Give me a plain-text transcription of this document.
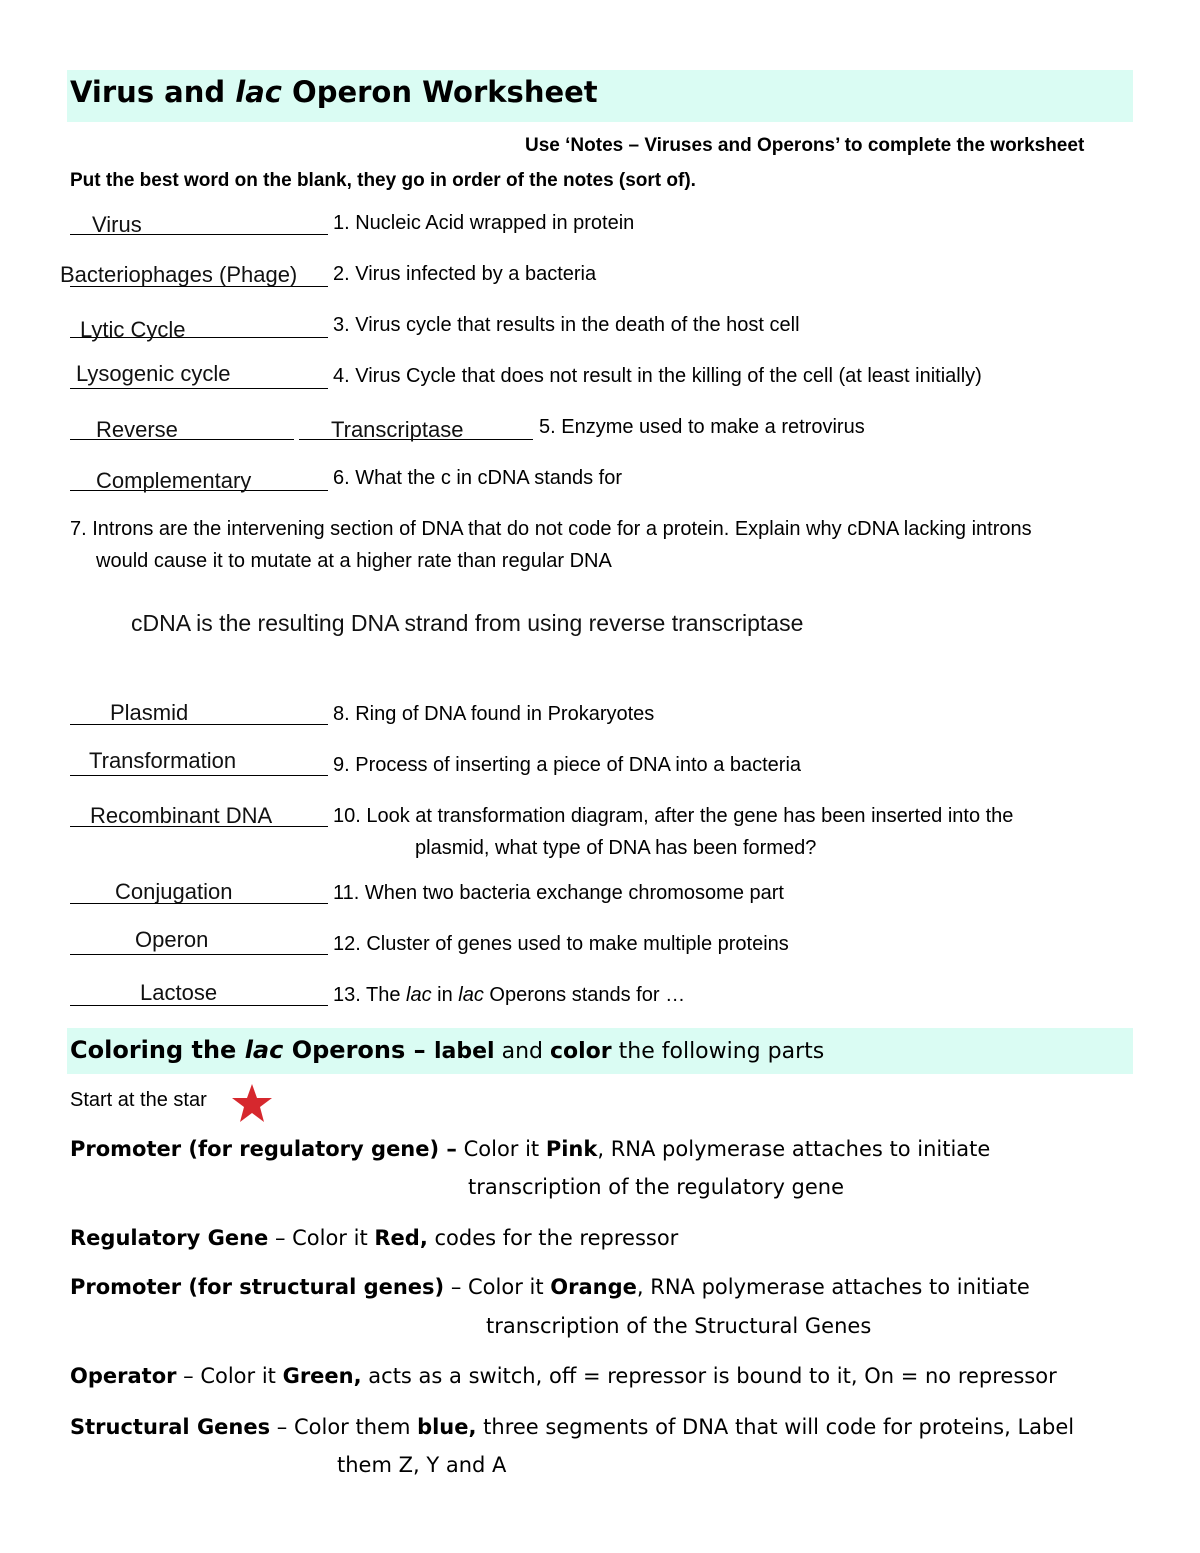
Virus and lac Operon Worksheet
Use ‘Notes – Viruses and Operons’ to complete the worksheet
Put the best word on the blank, they go in order of the notes (sort of).
Virus	1. Nucleic Acid wrapped in protein
Bacteriophages (Phage) 2. Virus infected by a bacteria
Lytic Cycle	3. Virus cycle that results in the death of the host cell
Lysogenic cycle	4. Virus Cycle that does not result in the killing of the cell (at least initially)
Reverse	Transcriptase	5. Enzyme used to make a retrovirus
Complementary	6. What the c in cDNA stands for
7. Introns are the intervening section of DNA that do not code for a protein. Explain why cDNA lacking introns
would cause it to mutate at a higher rate than regular DNA
cDNA is the resulting DNA strand from using reverse transcriptase
Plasmid	8. Ring of DNA found in Prokaryotes
Transformation	9. Process of inserting a piece of DNA into a bacteria
Recombinant DNA	10. Look at transformation diagram, after the gene has been inserted into the
plasmid, what type of DNA has been formed?
Conjugation	11. When two bacteria exchange chromosome part
Operon	12. Cluster of genes used to make multiple proteins
Lactose	13. The lac in lac Operons stands for …
Coloring the lac Operons – label and color the following parts
Start at the star
Promoter (for regulatory gene) – Color it Pink, RNA polymerase attaches to initiate
transcription of the regulatory gene
Regulatory Gene – Color it Red, codes for the repressor
Promoter (for structural genes) – Color it Orange, RNA polymerase attaches to initiate
transcription of the Structural Genes
Operator – Color it Green, acts as a switch, off = repressor is bound to it, On = no repressor
Structural Genes – Color them blue, three segments of DNA that will code for proteins, Label
them Z, Y and A
